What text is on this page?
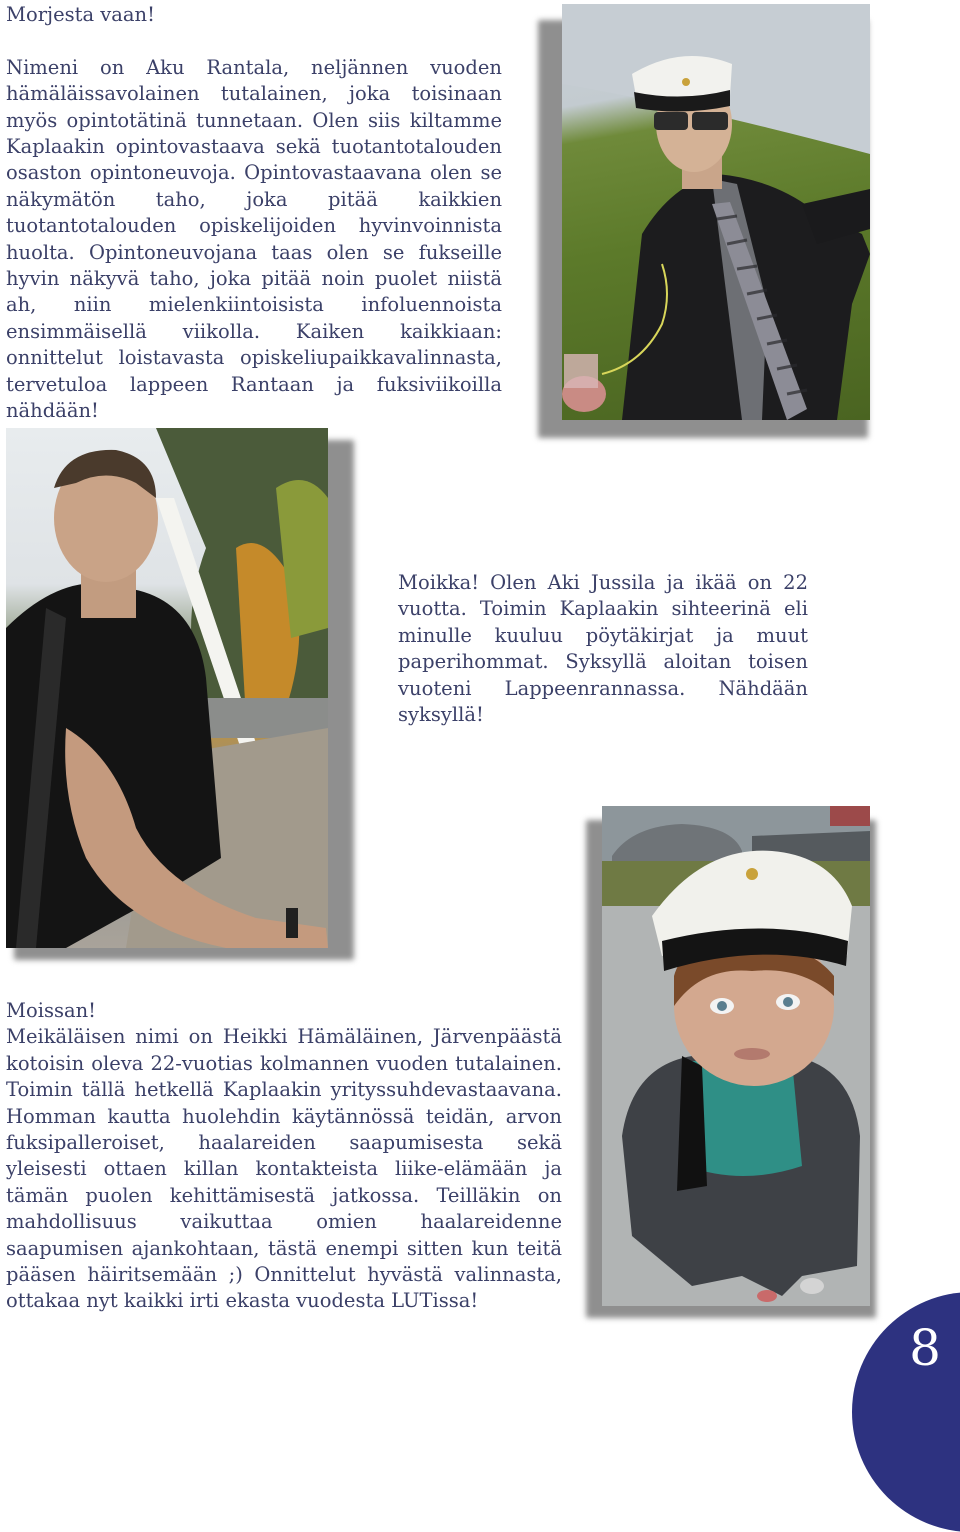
Morjesta vaan!

Nimeni on Aku Rantala, neljännen vuoden hämäläissavolainen tutalainen, joka toisinaan myös opintotätinä tunnetaan. Olen siis kiltamme Kaplaakin opintovastaava sekä tuotantotalouden osaston opintoneuvoja. Opintovastaavana olen se näkymätön taho, joka pitää kaikkien tuotantotalouden opiskelijoiden hyvinvoinnista huolta. Opintoneuvojana taas olen se fukseille hyvin näkyvä taho, joka pitää noin puolet niistä ah, niin mielenkiintoisista infoluennoista ensimmäisellä viikolla. Kaiken kaikkiaan: onnittelut loistavasta opiskeliupaikkavalinnasta, tervetuloa lappeen Rantaan ja fuksiviikoilla nähdään!

Moikka! Olen Aki Jussila ja ikää on 22 vuotta. Toimin Kaplaakin sihteerinä eli minulle kuuluu pöytäkirjat ja muut paperihommat. Syksyllä aloitan toisen vuoteni Lappeenrannassa. Nähdään syksyllä!

Moissan!

Meikäläisen nimi on Heikki Hämäläinen, Järvenpäästä kotoisin oleva 22-vuotias kolmannen vuoden tutalainen. Toimin tällä hetkellä Kaplaakin yrityssuhdevastaavana. Homman kautta huolehdin käytännössä teidän, arvon fuksipalleroiset, haalareiden saapumisesta sekä yleisesti ottaen killan kontakteista liike-elämään ja tämän puolen kehittämisestä jatkossa. Teilläkin on mahdollisuus vaikuttaa omien haalareidenne saapumisen ajankohtaan, tästä enempi sitten kun teitä pääsen häiritsemään ;) Onnittelut hyvästä valinnasta, ottakaa nyt kaikki irti ekasta vuodesta LUTissa!

8
